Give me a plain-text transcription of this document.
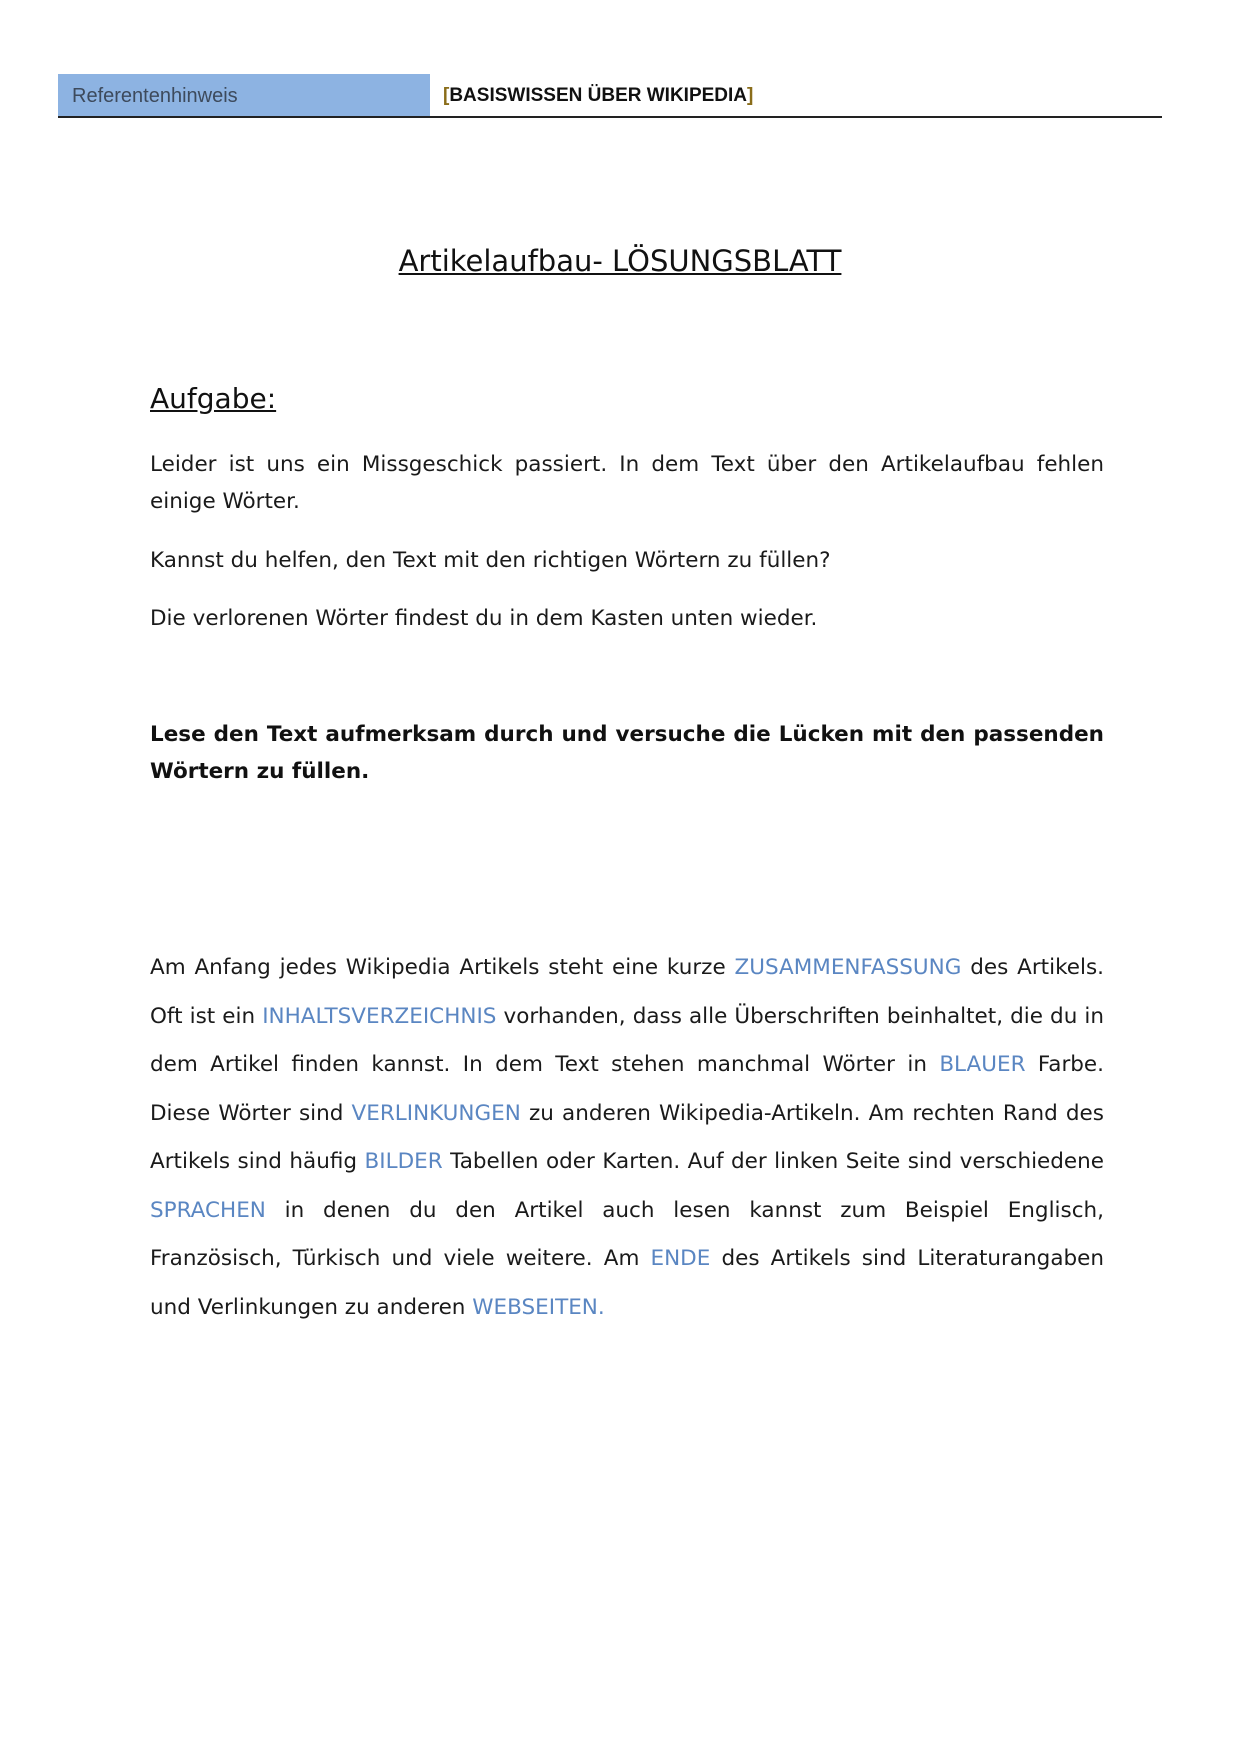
Referentenhinweis	[BASISWISSEN ÜBER WIKIPEDIA]
Artikelaufbau- LÖSUNGSBLATT
Aufgabe:
Leider ist uns ein Missgeschick passiert. In dem Text über den Artikelaufbau fehlen einige Wörter.
Kannst du helfen, den Text mit den richtigen Wörtern zu füllen?
Die verlorenen Wörter findest du in dem Kasten unten wieder.
Lese den Text aufmerksam durch und versuche die Lücken mit den passenden Wörtern zu füllen.
Am Anfang jedes Wikipedia Artikels steht eine kurze ZUSAMMENFASSUNG des Artikels. Oft ist ein INHALTSVERZEICHNIS vorhanden, dass alle Überschriften beinhaltet, die du in dem Artikel finden kannst. In dem Text stehen manchmal Wörter in BLAUER Farbe. Diese Wörter sind VERLINKUNGEN zu anderen Wikipedia-Artikeln. Am rechten Rand des Artikels sind häufig BILDER Tabellen oder Karten. Auf der linken Seite sind verschiedene SPRACHEN in denen du den Artikel auch lesen kannst zum Beispiel Englisch, Französisch, Türkisch und viele weitere. Am ENDE des Artikels sind Literaturangaben und Verlinkungen zu anderen WEBSEITEN.
